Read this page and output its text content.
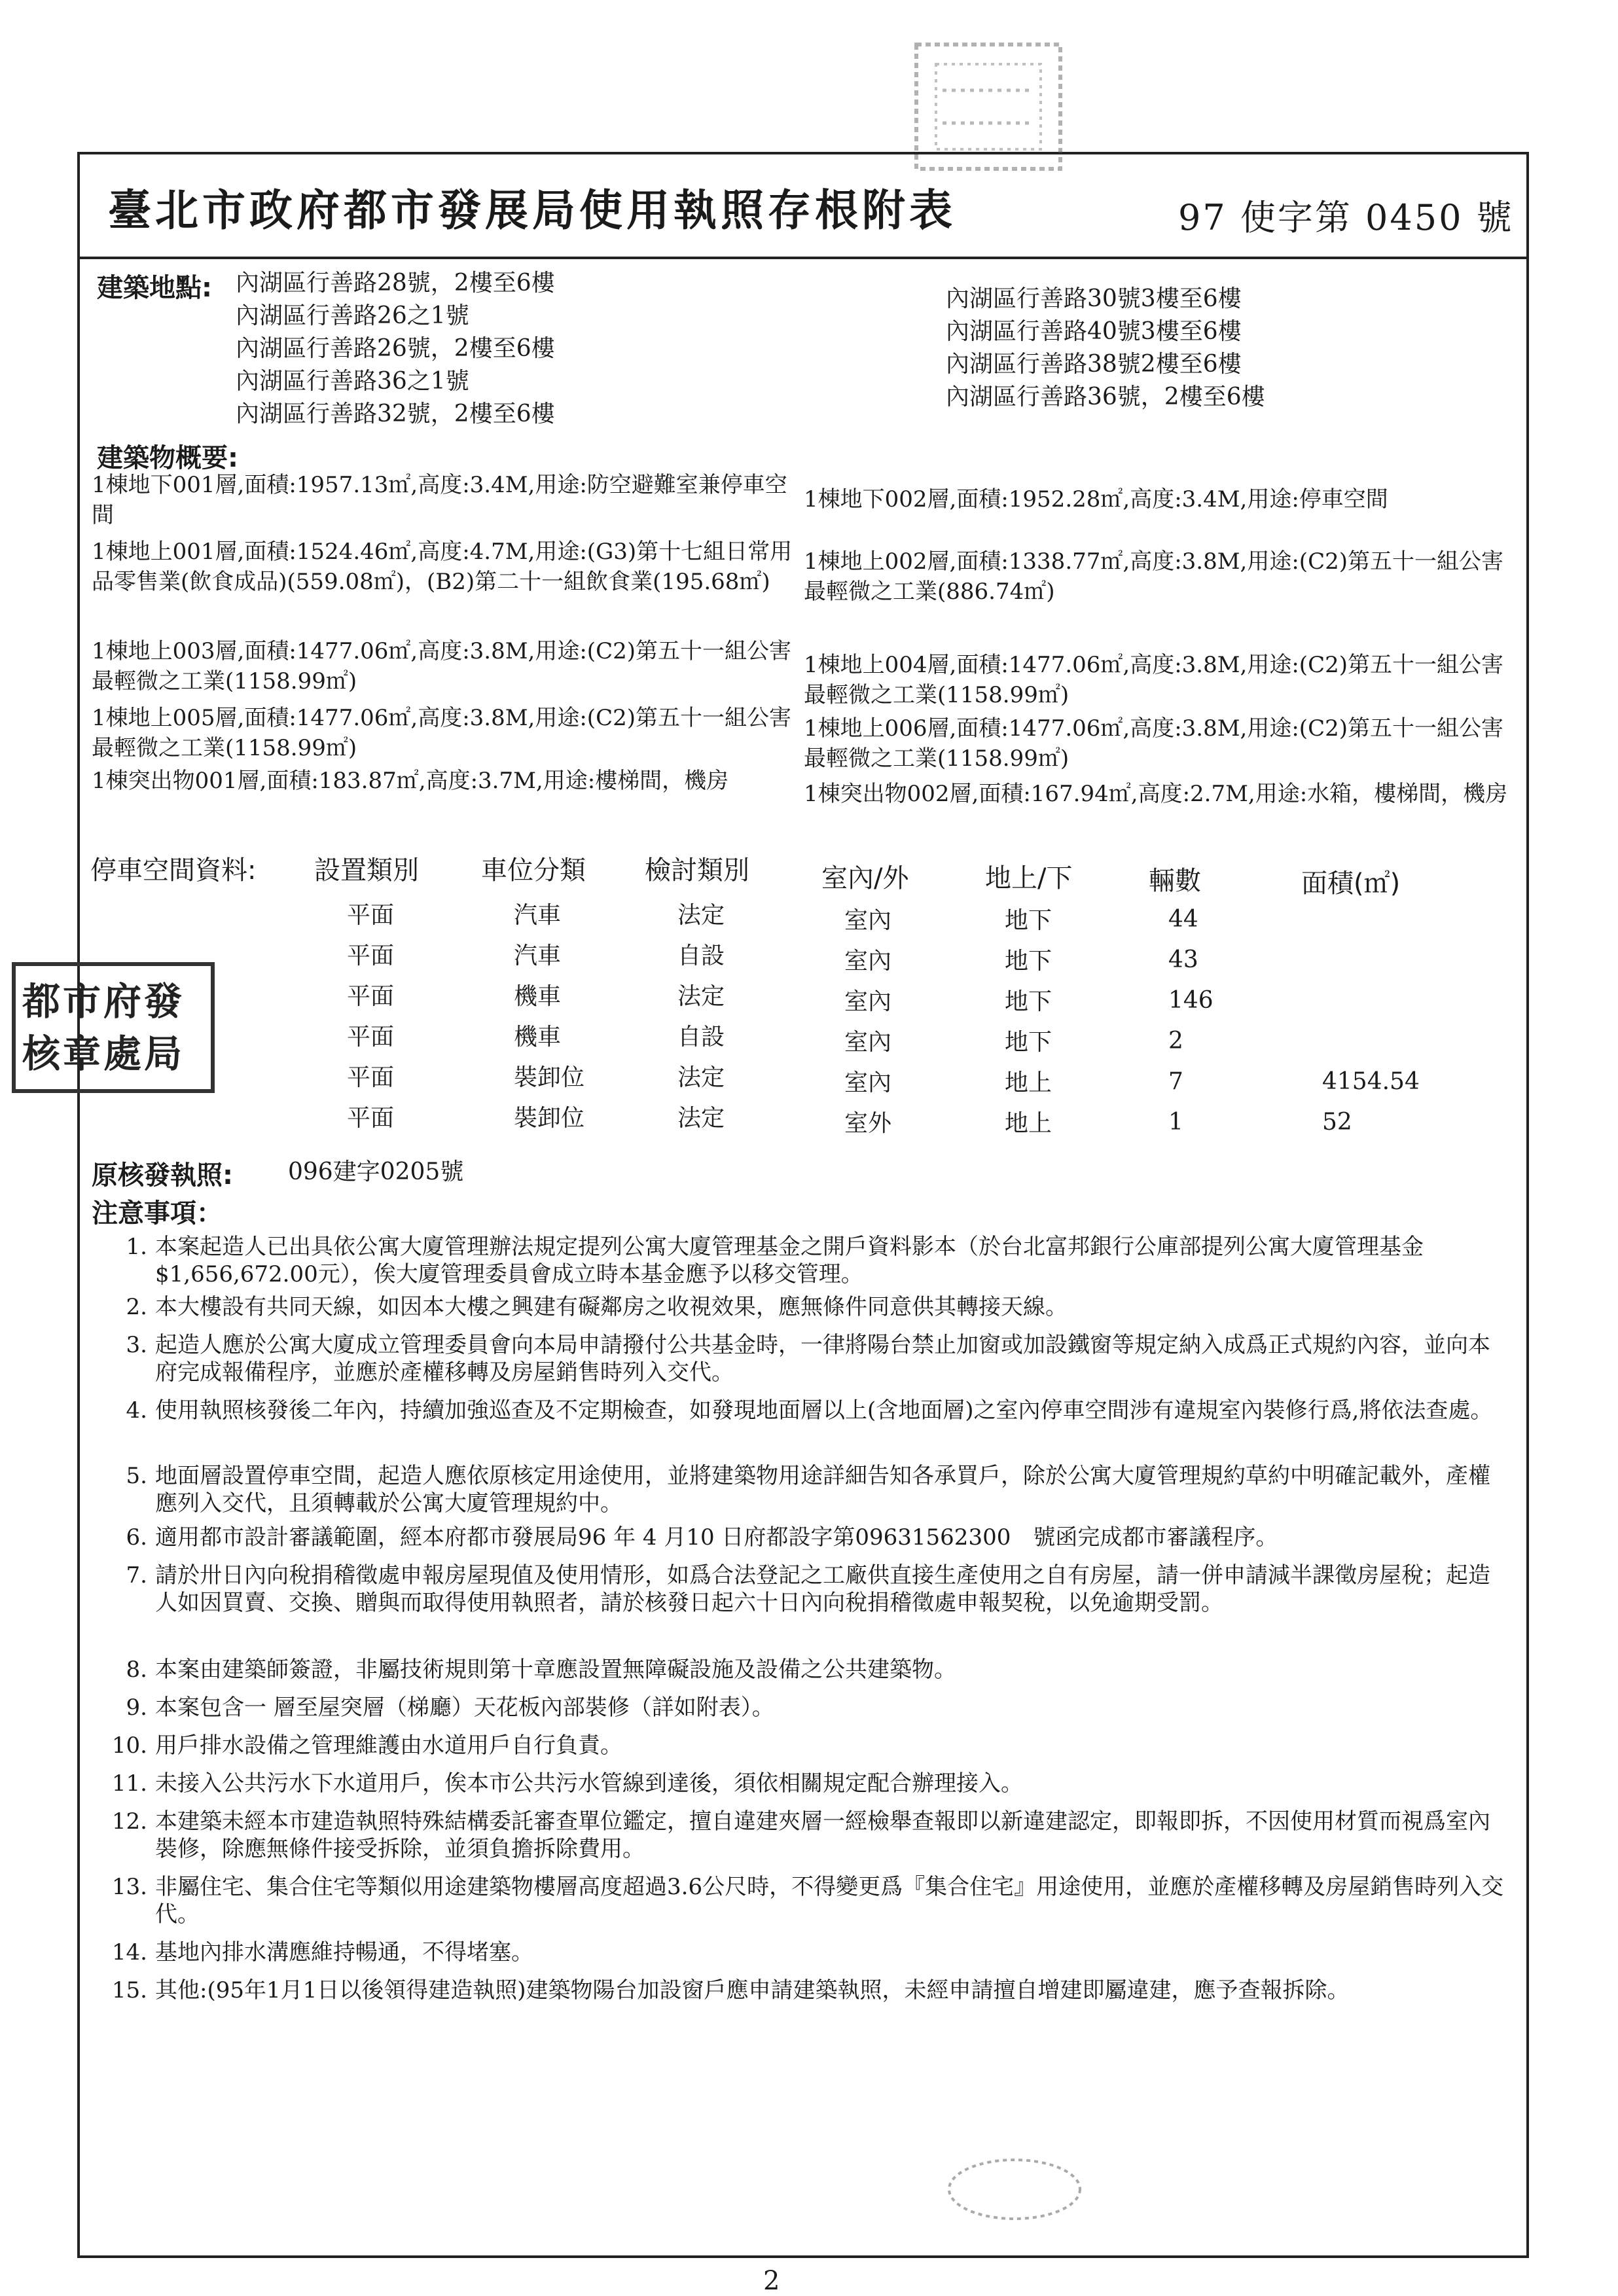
臺北市政府都市發展局使用執照存根附表	97 使字第 0450 號
建築地點: 內湖區行善路28號，2樓至6樓
內湖區行善路26之1號
內湖區行善路26號，2樓至6樓
內湖區行善路36之1號
內湖區行善路32號，2樓至6樓
內湖區行善路30號3樓至6樓
內湖區行善路40號3樓至6樓
內湖區行善路38號2樓至6樓
內湖區行善路36號，2樓至6樓
建築物概要:
1棟地下001層,面積:1957.13㎡,高度:3.4M,用途:防空避難室兼停車空間
1棟地上001層,面積:1524.46㎡,高度:4.7M,用途:(G3)第十七組日常用品零售業(飲食成品)(559.08㎡)，(B2)第二十一組飲食業(195.68㎡)
1棟地上003層,面積:1477.06㎡,高度:3.8M,用途:(C2)第五十一組公害最輕微之工業(1158.99㎡)
1棟地上005層,面積:1477.06㎡,高度:3.8M,用途:(C2)第五十一組公害最輕微之工業(1158.99㎡)
1棟突出物001層,面積:183.87㎡,高度:3.7M,用途:樓梯間，機房
1棟地下002層,面積:1952.28㎡,高度:3.4M,用途:停車空間
1棟地上002層,面積:1338.77㎡,高度:3.8M,用途:(C2)第五十一組公害最輕微之工業(886.74㎡)
1棟地上004層,面積:1477.06㎡,高度:3.8M,用途:(C2)第五十一組公害最輕微之工業(1158.99㎡)
1棟地上006層,面積:1477.06㎡,高度:3.8M,用途:(C2)第五十一組公害最輕微之工業(1158.99㎡)
1棟突出物002層,面積:167.94㎡,高度:2.7M,用途:水箱，樓梯間，機房
停車空間資料: 設置類別 車位分類 檢討類別	室內/外	地上/下	輛數	面積(㎡)
平面	汽車	法定	室內	地下	44
平面	汽車	自設	室內	地下	43
平面	機車	法定	室內	地下	146
平面	機車	自設	室內	地下	2
平面	裝卸位	法定	室內	地上	7	4154.54
平面	裝卸位	法定	室外	地上	1	52
都市府發
核章處局
原核發執照: 096建字0205號
注意事項：
1. 本案起造人已出具依公寓大廈管理辦法規定提列公寓大廈管理基金之開戶資料影本（於台北富邦銀行公庫部提列公寓大廈管理基金$1,656,672.00元），俟大廈管理委員會成立時本基金應予以移交管理。
2. 本大樓設有共同天線，如因本大樓之興建有礙鄰房之收視效果，應無條件同意供其轉接天線。
3. 起造人應於公寓大廈成立管理委員會向本局申請撥付公共基金時，一律將陽台禁止加窗或加設鐵窗等規定納入成爲正式規約內容，並向本府完成報備程序，並應於產權移轉及房屋銷售時列入交代。
4. 使用執照核發後二年內，持續加強巡查及不定期檢查，如發現地面層以上(含地面層)之室內停車空間涉有違規室內裝修行爲,將依法查處。
5. 地面層設置停車空間，起造人應依原核定用途使用，並將建築物用途詳細告知各承買戶，除於公寓大廈管理規約草約中明確記載外，產權應列入交代，且須轉載於公寓大廈管理規約中。
6. 適用都市設計審議範圍，經本府都市發展局96 年 4 月10 日府都設字第09631562300　號函完成都市審議程序。
7. 請於卅日內向稅捐稽徵處申報房屋現值及使用情形，如爲合法登記之工廠供直接生產使用之自有房屋，請一併申請減半課徵房屋稅；起造人如因買賣、交換、贈與而取得使用執照者，請於核發日起六十日內向稅捐稽徵處申報契稅，以免逾期受罰。
8. 本案由建築師簽證，非屬技術規則第十章應設置無障礙設施及設備之公共建築物。
9. 本案包含一 層至屋突層（梯廳）天花板內部裝修（詳如附表）。
10. 用戶排水設備之管理維護由水道用戶自行負責。
11. 未接入公共污水下水道用戶，俟本市公共污水管線到達後，須依相關規定配合辦理接入。
12. 本建築未經本市建造執照特殊結構委託審查單位鑑定，擅自違建夾層一經檢舉查報即以新違建認定，即報即拆，不因使用材質而視爲室內裝修，除應無條件接受拆除，並須負擔拆除費用。
13. 非屬住宅、集合住宅等類似用途建築物樓層高度超過3.6公尺時，不得變更爲『集合住宅』用途使用，並應於產權移轉及房屋銷售時列入交代。
14. 基地內排水溝應維持暢通，不得堵塞。
15. 其他:(95年1月1日以後領得建造執照)建築物陽台加設窗戶應申請建築執照，未經申請擅自增建即屬違建，應予查報拆除。
2
